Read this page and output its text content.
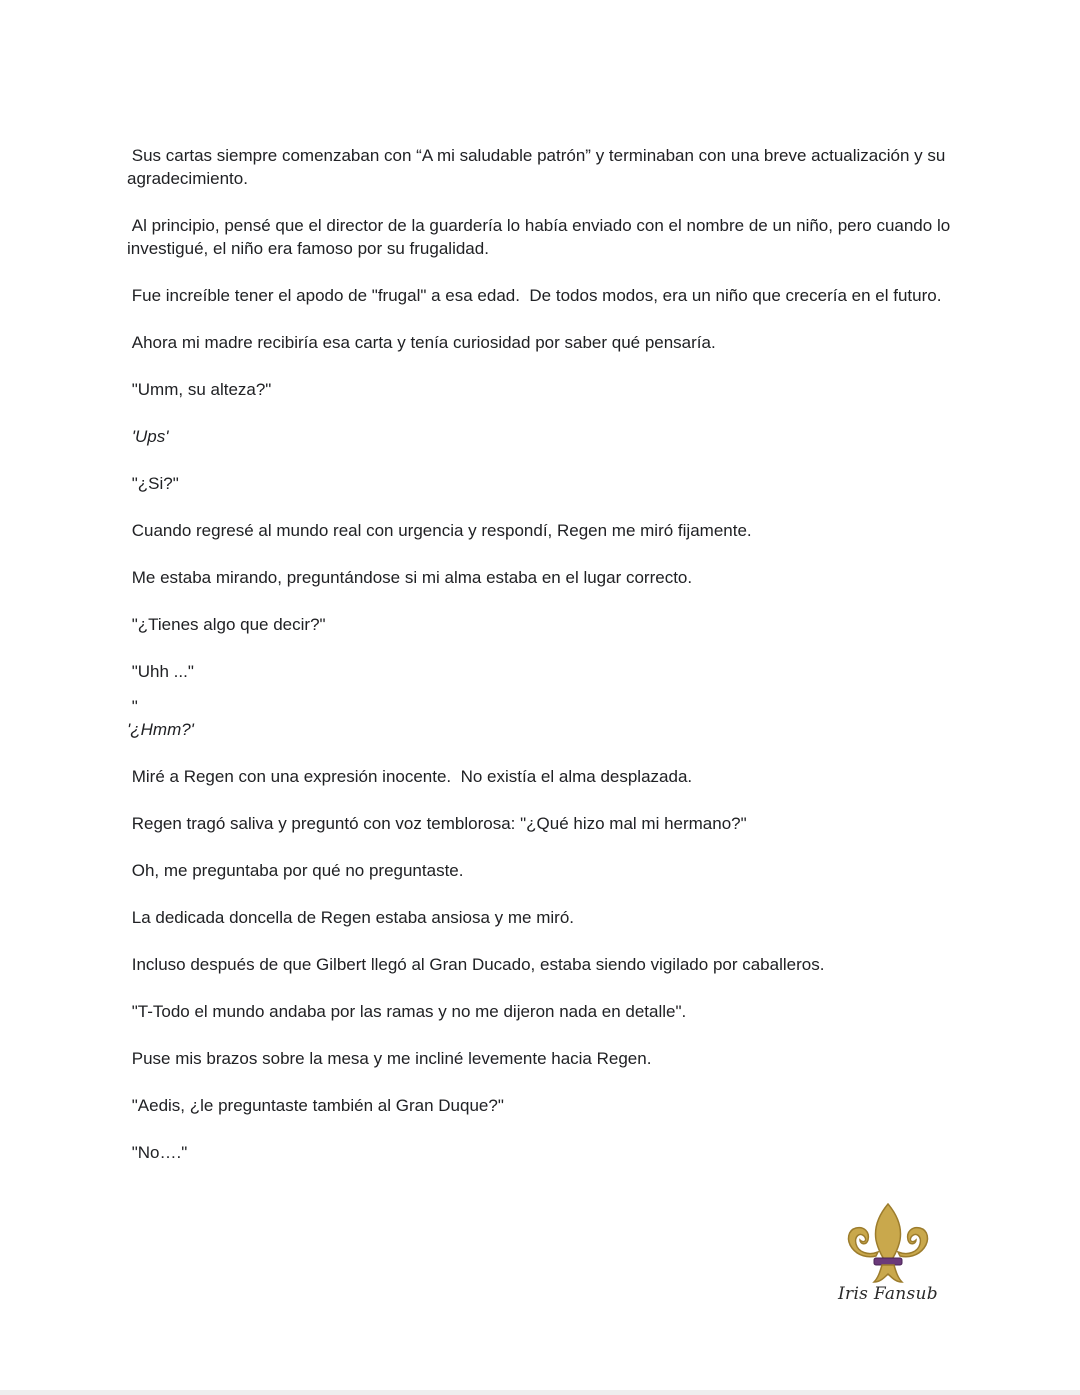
Sus cartas siempre comenzaban con “A mi saludable patrón” y terminaban con una breve actualización y su agradecimiento.

Al principio, pensé que el director de la guardería lo había enviado con el nombre de un niño, pero cuando lo investigué, el niño era famoso por su frugalidad.

Fue increíble tener el apodo de "frugal" a esa edad.  De todos modos, era un niño que crecería en el futuro.

Ahora mi madre recibiría esa carta y tenía curiosidad por saber qué pensaría.

"Umm, su alteza?"

'Ups'

"¿Si?"

Cuando regresé al mundo real con urgencia y respondí, Regen me miró fijamente.

Me estaba mirando, preguntándose si mi alma estaba en el lugar correcto.

"¿Tienes algo que decir?"

"Uhh ..."

"

'¿Hmm?'

Miré a Regen con una expresión inocente.  No existía el alma desplazada.

Regen tragó saliva y preguntó con voz temblorosa: "¿Qué hizo mal mi hermano?"

Oh, me preguntaba por qué no preguntaste.

La dedicada doncella de Regen estaba ansiosa y me miró.

Incluso después de que Gilbert llegó al Gran Ducado, estaba siendo vigilado por caballeros.

"T-Todo el mundo andaba por las ramas y no me dijeron nada en detalle".

Puse mis brazos sobre la mesa y me incliné levemente hacia Regen.

"Aedis, ¿le preguntaste también al Gran Duque?"

"No…."

Iris Fansub
